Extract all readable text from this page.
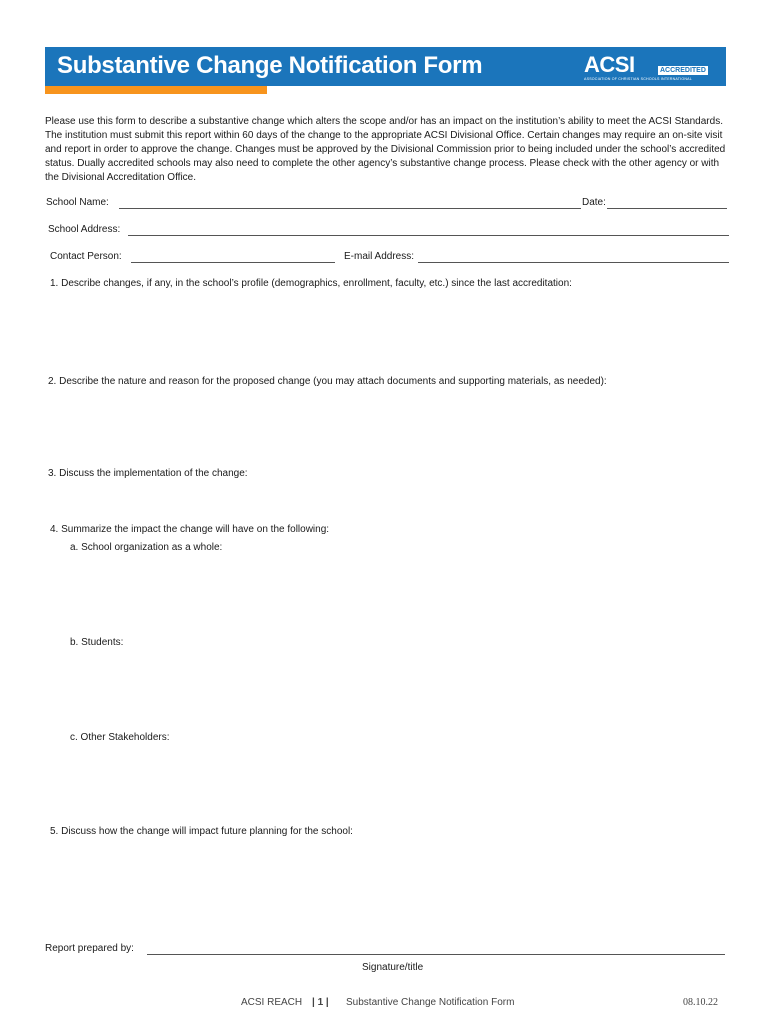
Substantive Change Notification Form	ACSI	ACCREDITED
ASSOCIATION OF CHRISTIAN SCHOOLS INTERNATIONAL
Please use this form to describe a substantive change which alters the scope and/or has an impact on the institution’s ability to meet the ACSI Standards. The institution must submit this report within 60 days of the change to the appropriate ACSI Divisional Office. Certain changes may require an on-site visit and report in order to approve the change. Changes must be approved by the Divisional Commission prior to being included under the school’s accredited status. Dually accredited schools may also need to complete the other agency’s substantive change process. Please check with the other agency or with the Divisional Accreditation Office.
School Name:	Date:
School Address:
Contact Person:	E-mail Address:
1. Describe changes, if any, in the school’s profile (demographics, enrollment, faculty, etc.) since the last accreditation:
2. Describe the nature and reason for the proposed change (you may attach documents and supporting materials, as needed):
3. Discuss the implementation of the change:
4. Summarize the impact the change will have on the following:
a. School organization as a whole:
b. Students:
c. Other Stakeholders:
5. Discuss how the change will impact future planning for the school:
Report prepared by:
Signature/title
ACSI REACH | 1 | Substantive Change Notification Form	08.10.22
